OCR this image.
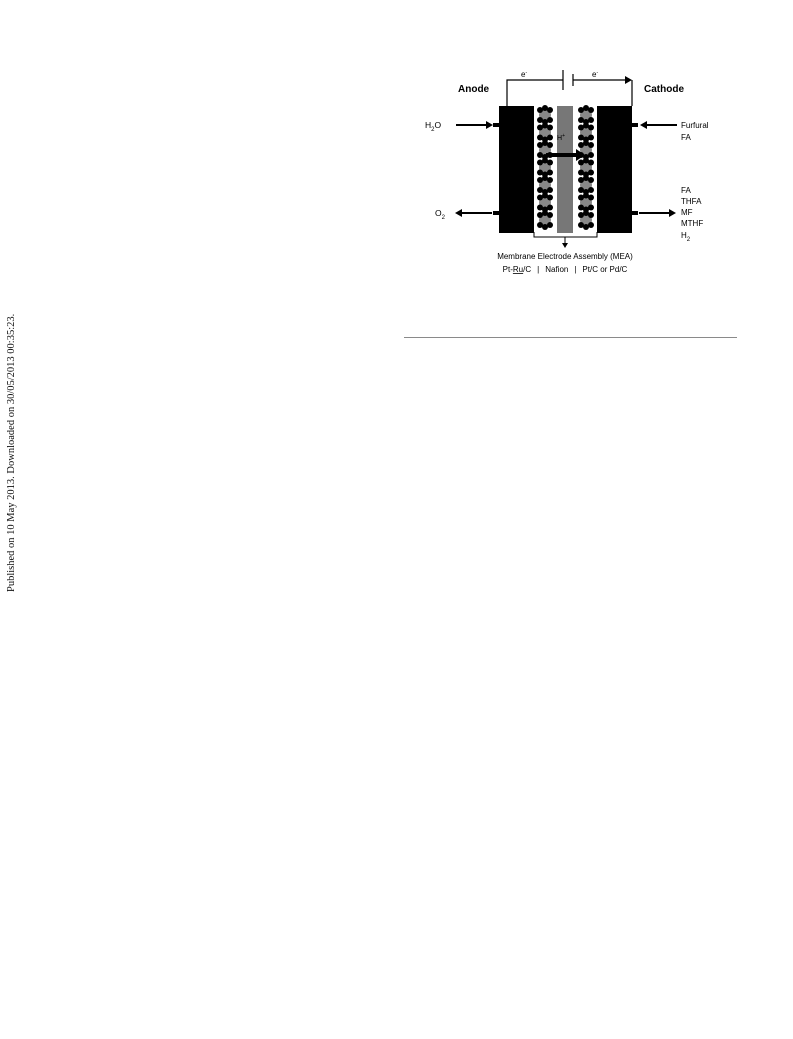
Published on 10 May 2013. Downloaded on 30/05/2013 00:35:23.
Anode	Cathode
e-	e-
H+
$H_2O$
$O_2$
Furfural
FA
FA
THFA
MF
MTHF
$H_2$
Membrane Electrode Assembly (MEA)
Pt-Ru/C | Nafion | Pt/C or Pd/C
